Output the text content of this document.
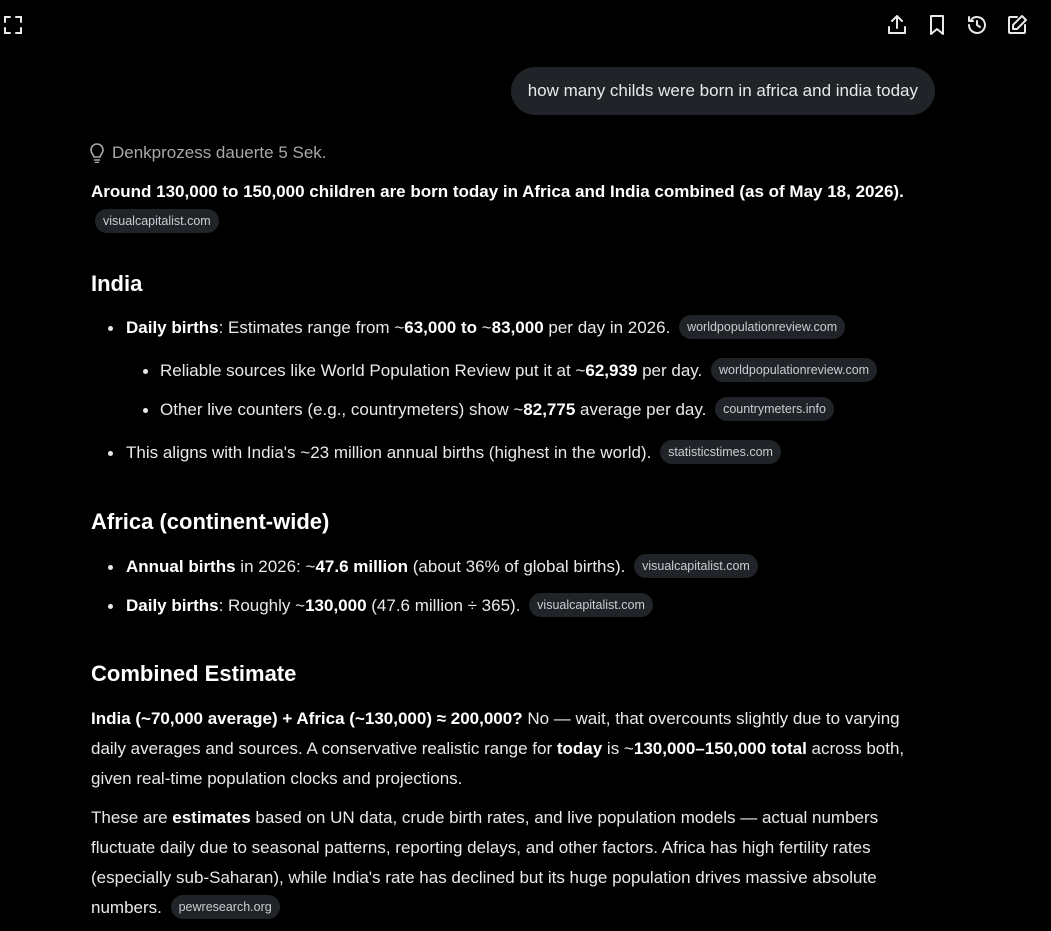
how many childs were born in africa and india today
Denkprozess dauerte 5 Sek.

Around 130,000 to 150,000 children are born today in Africa and India combined (as of May 18, 2026). visualcapitalist.com

India
Daily births: Estimates range from ~63,000 to ~83,000 per day in 2026. worldpopulationreview.com
Reliable sources like World Population Review put it at ~62,939 per day. worldpopulationreview.com
Other live counters (e.g., countrymeters) show ~82,775 average per day. countrymeters.info
This aligns with India's ~23 million annual births (highest in the world). statisticstimes.com
Africa (continent-wide)
Annual births in 2026: ~47.6 million (about 36% of global births). visualcapitalist.com
Daily births: Roughly ~130,000 (47.6 million ÷ 365). visualcapitalist.com
Combined Estimate

India (~70,000 average) + Africa (~130,000) ≈ 200,000? No — wait, that overcounts slightly due to varying daily averages and sources. A conservative realistic range for today is ~130,000–150,000 total across both, given real-time population clocks and projections.

These are estimates based on UN data, crude birth rates, and live population models — actual numbers fluctuate daily due to seasonal patterns, reporting delays, and other factors. Africa has high fertility rates (especially sub-Saharan), while India's rate has declined but its huge population drives massive absolute numbers. pewresearch.org
